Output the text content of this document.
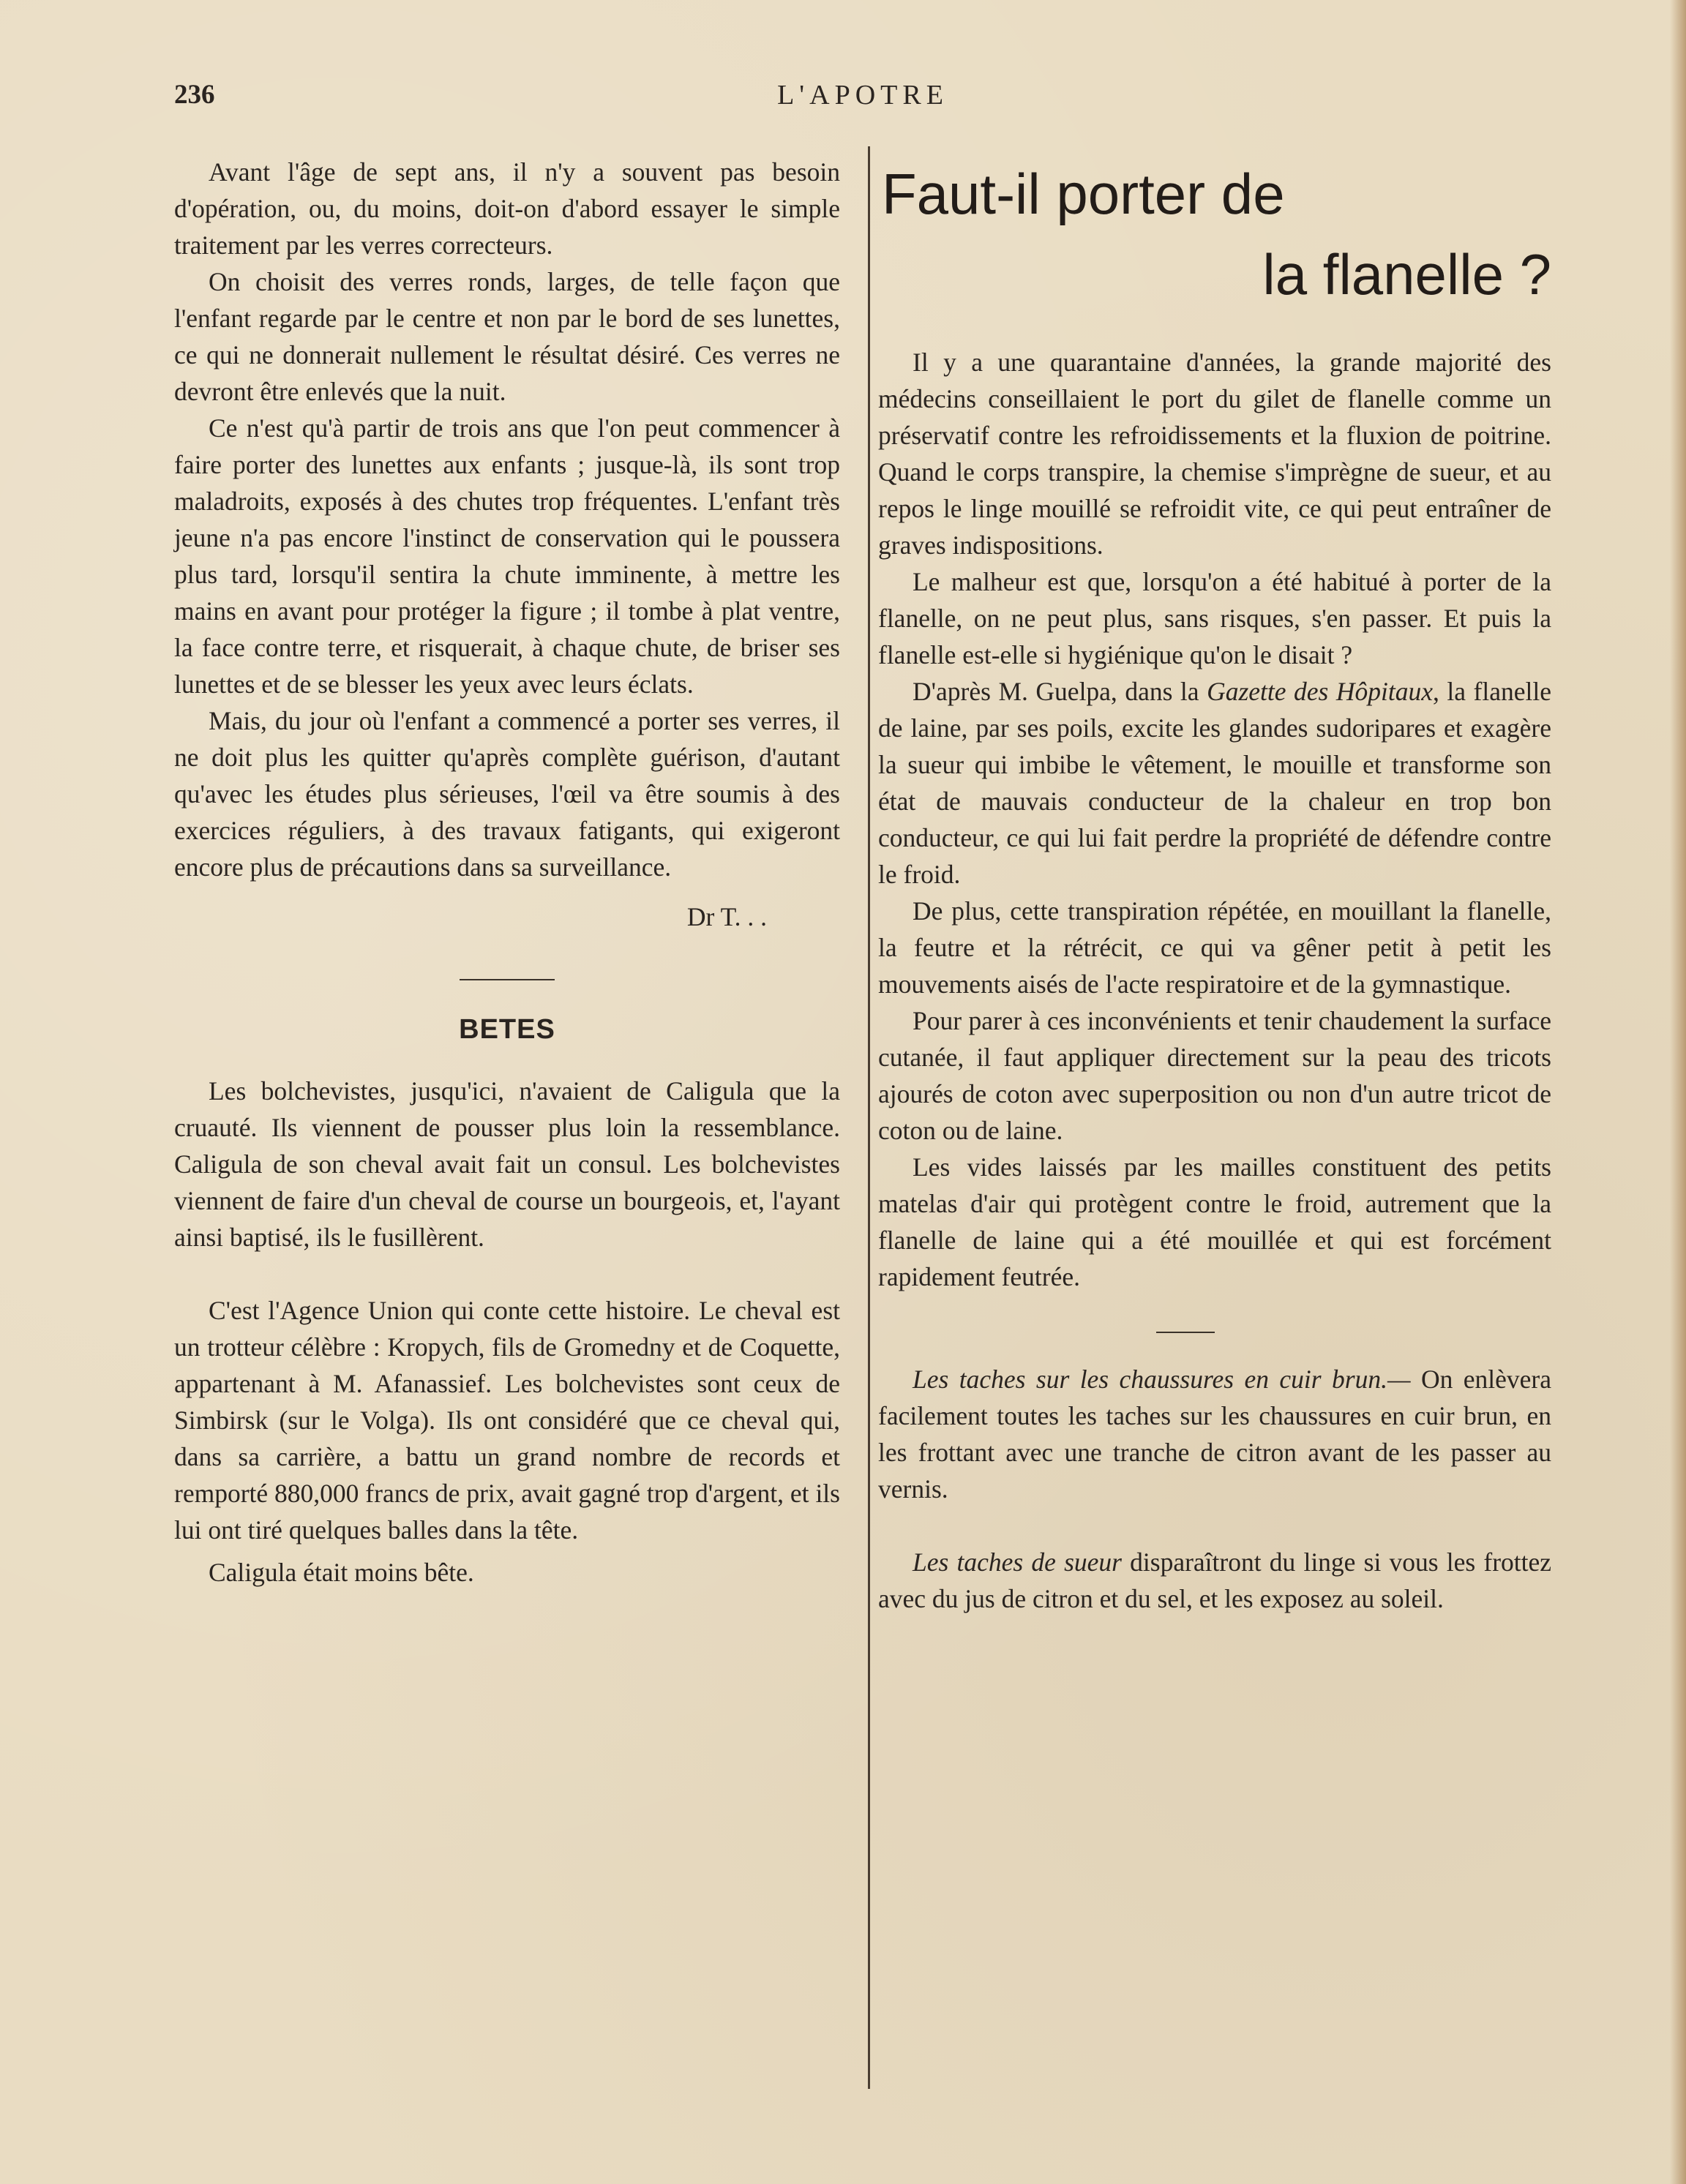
236	L'APOTRE

Avant l'âge de sept ans, il n'y a souvent pas besoin d'opération, ou, du moins, doit-on d'abord essayer le simple traitement par les verres correcteurs.

On choisit des verres ronds, larges, de telle façon que l'enfant regarde par le centre et non par le bord de ses lunettes, ce qui ne donnerait nullement le résultat désiré. Ces verres ne devront être enlevés que la nuit.

Ce n'est qu'à partir de trois ans que l'on peut commencer à faire porter des lunettes aux enfants ; jusque-là, ils sont trop maladroits, exposés à des chutes trop fréquentes. L'enfant très jeune n'a pas encore l'instinct de conservation qui le poussera plus tard, lorsqu'il sentira la chute imminente, à mettre les mains en avant pour protéger la figure ; il tombe à plat ventre, la face contre terre, et risquerait, à chaque chute, de briser ses lunettes et de se blesser les yeux avec leurs éclats.

Mais, du jour où l'enfant a commencé a porter ses verres, il ne doit plus les quitter qu'après complète guérison, d'autant qu'avec les études plus sérieuses, l'œil va être soumis à des exercices réguliers, à des travaux fatigants, qui exigeront encore plus de précautions dans sa surveillance.

Dr T. . .
BETES

Les bolchevistes, jusqu'ici, n'avaient de Caligula que la cruauté. Ils viennent de pousser plus loin la ressemblance. Caligula de son cheval avait fait un consul. Les bolchevistes viennent de faire d'un cheval de course un bourgeois, et, l'ayant ainsi baptisé, ils le fusillèrent.

C'est l'Agence Union qui conte cette histoire. Le cheval est un trotteur célèbre : Kropych, fils de Gromedny et de Coquette, appartenant à M. Afanassief. Les bolchevistes sont ceux de Simbirsk (sur le Volga). Ils ont considéré que ce cheval qui, dans sa carrière, a battu un grand nombre de records et remporté 880,000 francs de prix, avait gagné trop d'argent, et ils lui ont tiré quelques balles dans la tête.

Caligula était moins bête.

Faut-il porter de
la flanelle ?

Il y a une quarantaine d'années, la grande majorité des médecins conseillaient le port du gilet de flanelle comme un préservatif contre les refroidissements et la fluxion de poitrine. Quand le corps transpire, la chemise s'imprègne de sueur, et au repos le linge mouillé se refroidit vite, ce qui peut entraîner de graves indispositions.

Le malheur est que, lorsqu'on a été habitué à porter de la flanelle, on ne peut plus, sans risques, s'en passer. Et puis la flanelle est-elle si hygiénique qu'on le disait ?

D'après M. Guelpa, dans la Gazette des Hôpitaux, la flanelle de laine, par ses poils, excite les glandes sudoripares et exagère la sueur qui imbibe le vêtement, le mouille et transforme son état de mauvais conducteur de la chaleur en trop bon conducteur, ce qui lui fait perdre la propriété de défendre contre le froid.

De plus, cette transpiration répétée, en mouillant la flanelle, la feutre et la rétrécit, ce qui va gêner petit à petit les mouvements aisés de l'acte respiratoire et de la gymnastique.

Pour parer à ces inconvénients et tenir chaudement la surface cutanée, il faut appliquer directement sur la peau des tricots ajourés de coton avec superposition ou non d'un autre tricot de coton ou de laine.

Les vides laissés par les mailles constituent des petits matelas d'air qui protègent contre le froid, autrement que la flanelle de laine qui a été mouillée et qui est forcément rapidement feutrée.

Les taches sur les chaussures en cuir brun.— On enlèvera facilement toutes les taches sur les chaussures en cuir brun, en les frottant avec une tranche de citron avant de les passer au vernis.

Les taches de sueur disparaîtront du linge si vous les frottez avec du jus de citron et du sel, et les exposez au soleil.
